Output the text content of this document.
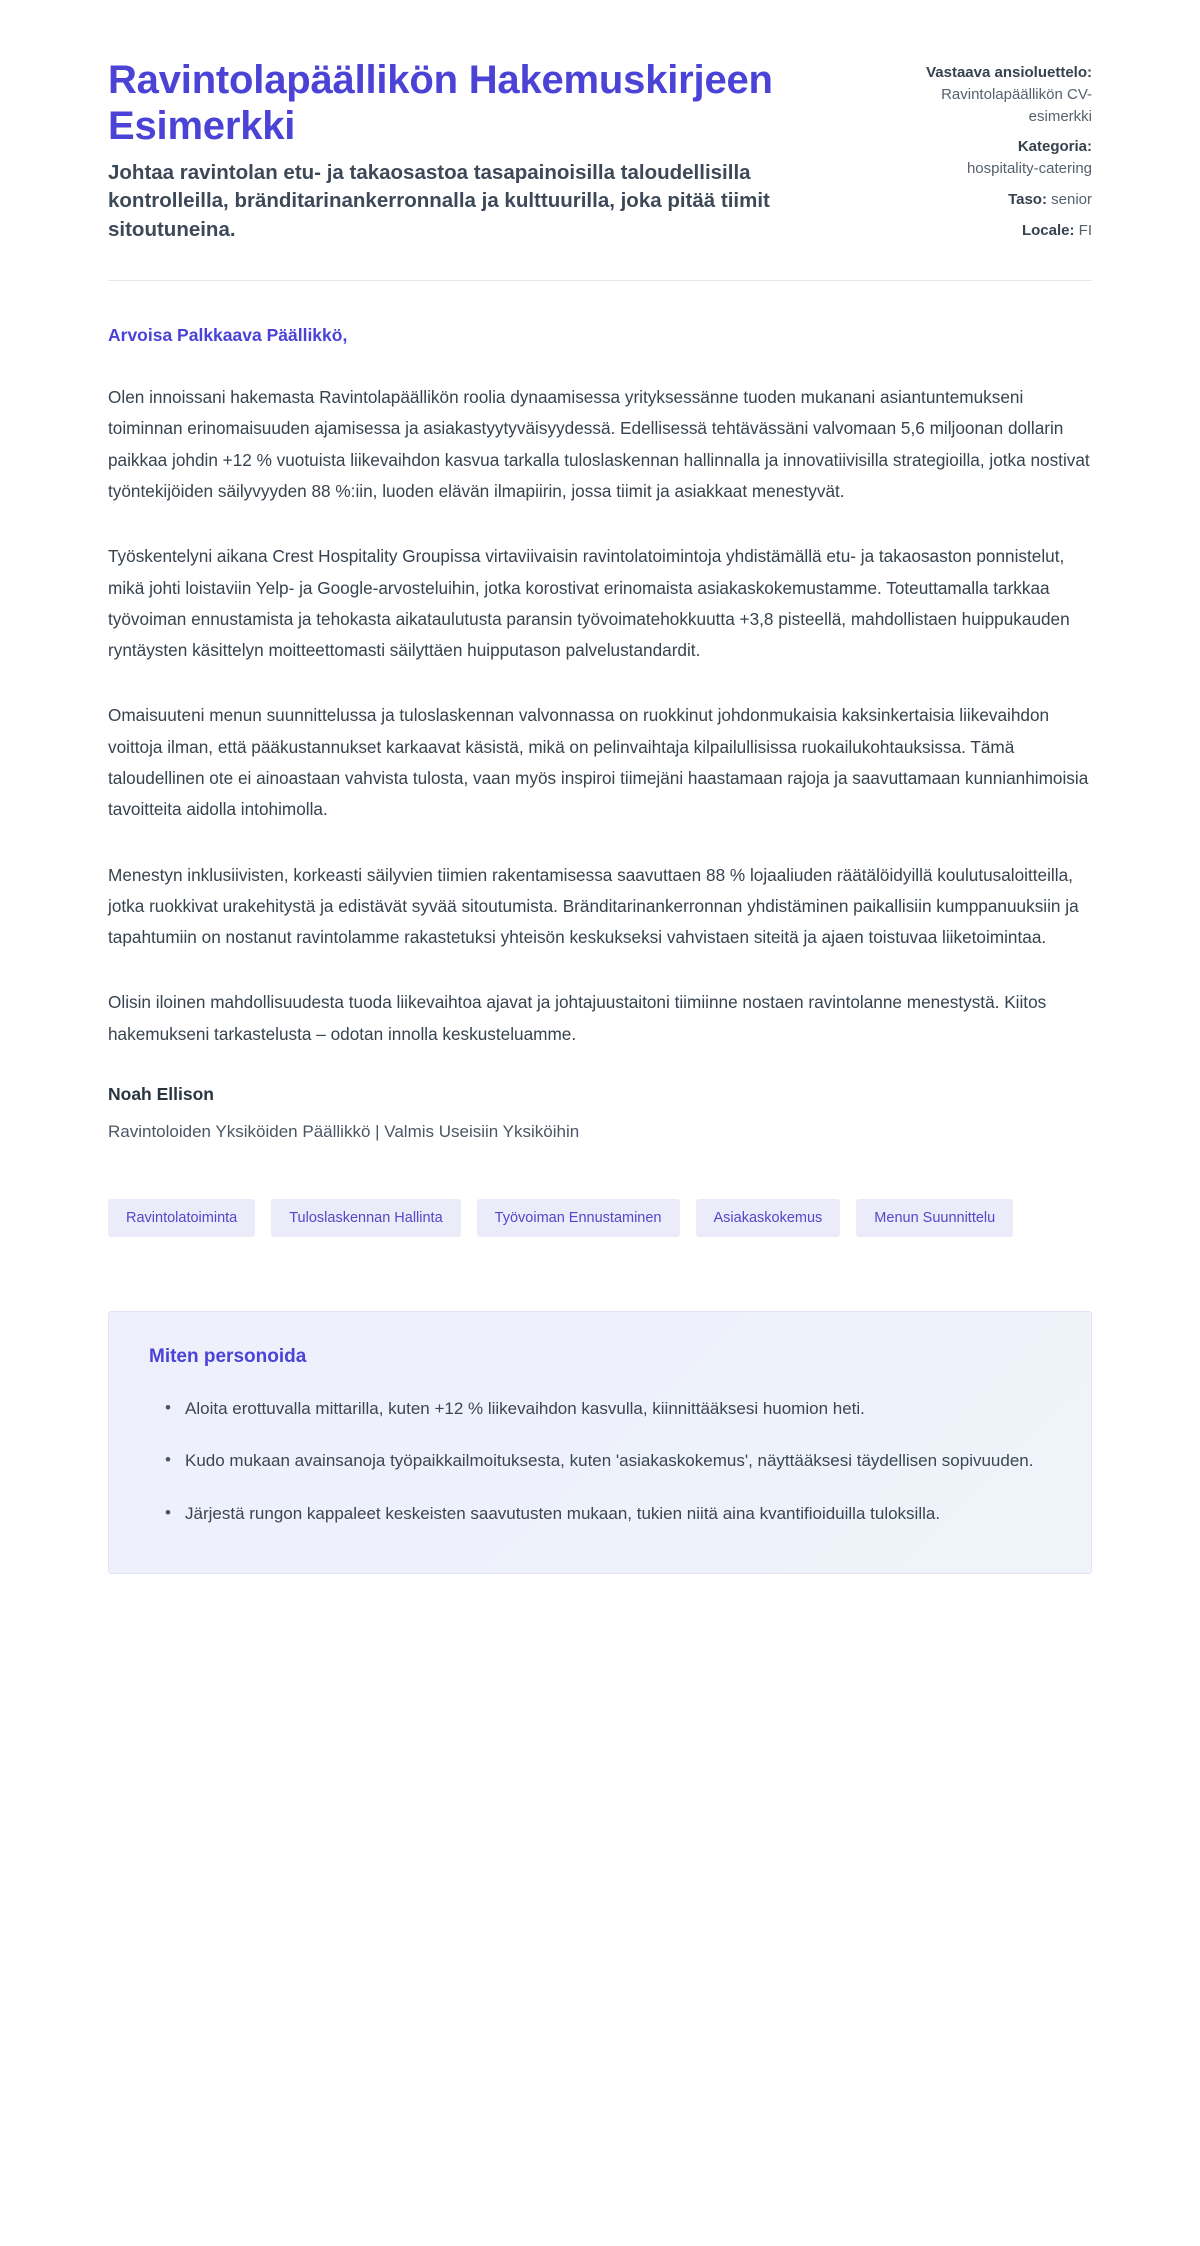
Ravintolapäällikön Hakemuskirjeen Esimerkki

Johtaa ravintolan etu- ja takaosastoa tasapainoisilla taloudellisilla kontrolleilla, bränditarinankerronnalla ja kulttuurilla, joka pitää tiimit sitoutuneina.

Vastaava ansioluettelo:
Ravintolapäällikön CV-esimerkki
Kategoria:
hospitality-catering
Taso: senior
Locale: FI

Arvoisa Palkkaava Päällikkö,

Olen innoissani hakemasta Ravintolapäällikön roolia dynaamisessa yrityksessänne tuoden mukanani asiantuntemukseni toiminnan erinomaisuuden ajamisessa ja asiakastyytyväisyydessä. Edellisessä tehtävässäni valvomaan 5,6 miljoonan dollarin paikkaa johdin +12 % vuotuista liikevaihdon kasvua tarkalla tuloslaskennan hallinnalla ja innovatiivisilla strategioilla, jotka nostivat työntekijöiden säilyvyyden 88 %:iin, luoden elävän ilmapiirin, jossa tiimit ja asiakkaat menestyvät.

Työskentelyni aikana Crest Hospitality Groupissa virtaviivaisin ravintolatoimintoja yhdistämällä etu- ja takaosaston ponnistelut, mikä johti loistaviin Yelp- ja Google-arvosteluihin, jotka korostivat erinomaista asiakaskokemustamme. Toteuttamalla tarkkaa työvoiman ennustamista ja tehokasta aikataulutusta paransin työvoimatehokkuutta +3,8 pisteellä, mahdollistaen huippukauden ryntäysten käsittelyn moitteettomasti säilyttäen huipputason palvelustandardit.

Omaisuuteni menun suunnittelussa ja tuloslaskennan valvonnassa on ruokkinut johdonmukaisia kaksinkertaisia liikevaihdon voittoja ilman, että pääkustannukset karkaavat käsistä, mikä on pelinvaihtaja kilpailullisissa ruokailukohtauksissa. Tämä taloudellinen ote ei ainoastaan vahvista tulosta, vaan myös inspiroi tiimejäni haastamaan rajoja ja saavuttamaan kunnianhimoisia tavoitteita aidolla intohimolla.

Menestyn inklusiivisten, korkeasti säilyvien tiimien rakentamisessa saavuttaen 88 % lojaaliuden räätälöidyillä koulutusaloitteilla, jotka ruokkivat urakehitystä ja edistävät syvää sitoutumista. Bränditarinankerronnan yhdistäminen paikallisiin kumppanuuksiin ja tapahtumiin on nostanut ravintolamme rakastetuksi yhteisön keskukseksi vahvistaen siteitä ja ajaen toistuvaa liiketoimintaa.

Olisin iloinen mahdollisuudesta tuoda liikevaihtoa ajavat ja johtajuustaitoni tiimiinne nostaen ravintolanne menestystä. Kiitos hakemukseni tarkastelusta – odotan innolla keskusteluamme.

Noah Ellison

Ravintoloiden Yksiköiden Päällikkö | Valmis Useisiin Yksiköihin

Ravintolatoiminta	Tuloslaskennan Hallinta	Työvoiman Ennustaminen	Asiakaskokemus	Menun Suunnittelu
Miten personoida
• Aloita erottuvalla mittarilla, kuten +12 % liikevaihdon kasvulla, kiinnittääksesi huomion heti.
• Kudo mukaan avainsanoja työpaikkailmoituksesta, kuten 'asiakaskokemus', näyttääksesi täydellisen sopivuuden.
• Järjestä rungon kappaleet keskeisten saavutusten mukaan, tukien niitä aina kvantifioiduilla tuloksilla.
